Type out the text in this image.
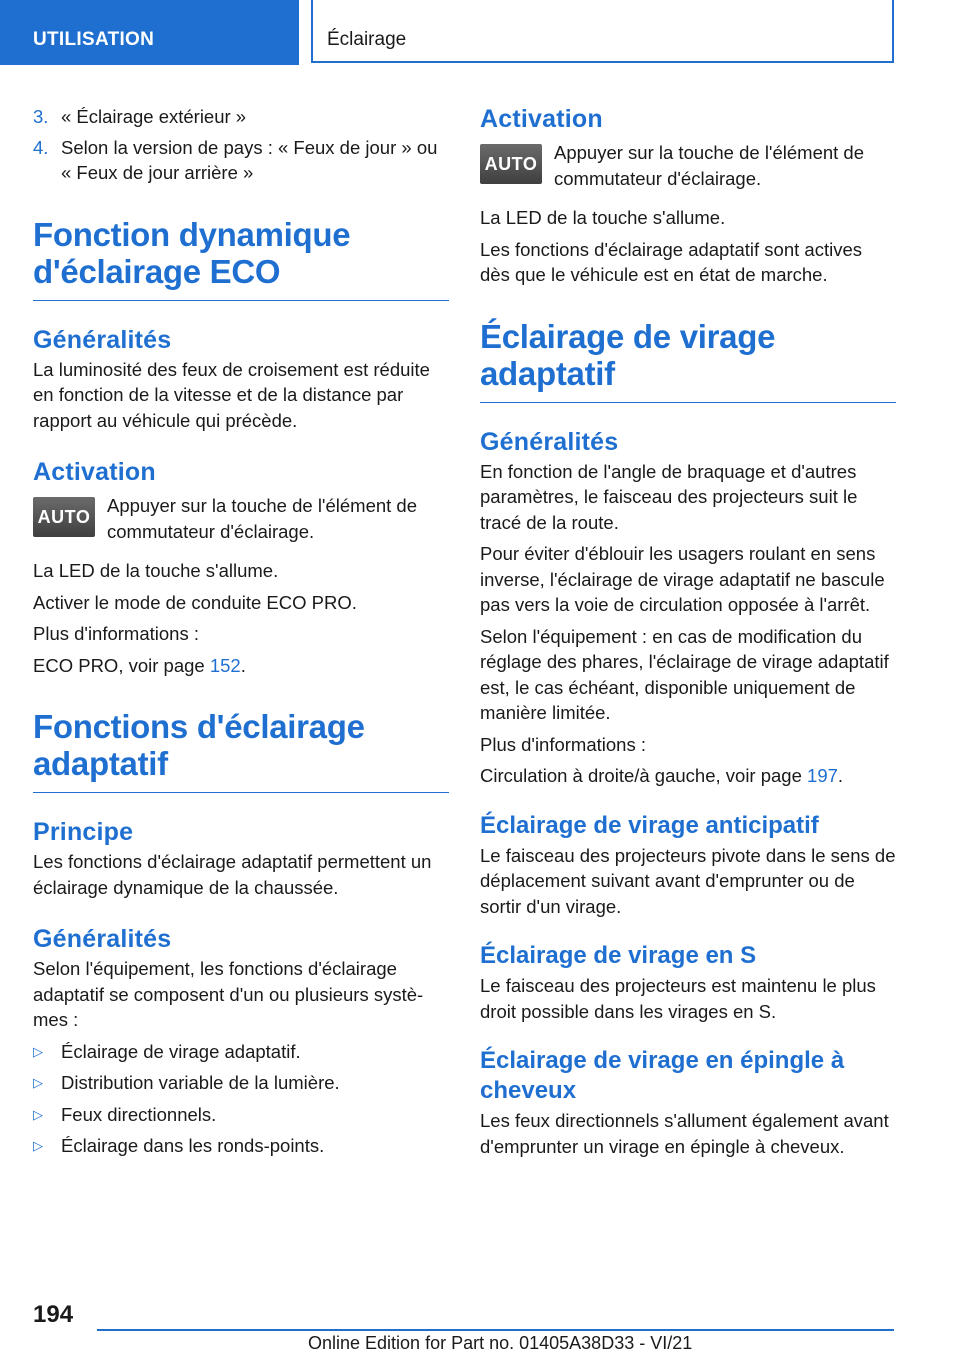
UTILISATION	Éclairage
3. « Éclairage extérieur »
4. Selon la version de pays : « Feux de jour » ou « Feux de jour arrière »
Fonction dynamique d'éclairage ECO
Généralités

La luminosité des feux de croisement est réduite en fonction de la vitesse et de la distance par rapport au véhicule qui précède.

Activation
AUTO

Appuyer sur la touche de l'élément de commutateur d'éclairage.

La LED de la touche s'allume.

Activer le mode de conduite ECO PRO.

Plus d'informations :

ECO PRO, voir page 152.

Fonctions d'éclairage adaptatif
Principe

Les fonctions d'éclairage adaptatif permettent un éclairage dynamique de la chaussée.

Généralités

Selon l'équipement, les fonctions d'éclairage adaptatif se composent d'un ou plusieurs systèmes :

▷ Éclairage de virage adaptatif.
▷ Distribution variable de la lumière.
▷ Feux directionnels.
▷ Éclairage dans les ronds-points.
Activation
AUTO

Appuyer sur la touche de l'élément de commutateur d'éclairage.

La LED de la touche s'allume.

Les fonctions d'éclairage adaptatif sont actives dès que le véhicule est en état de marche.

Éclairage de virage adaptatif
Généralités

En fonction de l'angle de braquage et d'autres paramètres, le faisceau des projecteurs suit le tracé de la route.

Pour éviter d'éblouir les usagers roulant en sens inverse, l'éclairage de virage adaptatif ne bascule pas vers la voie de circulation opposée à l'arrêt.

Selon l'équipement : en cas de modification du réglage des phares, l'éclairage de virage adaptatif est, le cas échéant, disponible uniquement de manière limitée.

Plus d'informations :

Circulation à droite/à gauche, voir page 197.

Éclairage de virage anticipatif

Le faisceau des projecteurs pivote dans le sens de déplacement suivant avant d'emprunter ou de sortir d'un virage.

Éclairage de virage en S

Le faisceau des projecteurs est maintenu le plus droit possible dans les virages en S.

Éclairage de virage en épingle à cheveux

Les feux directionnels s'allument également avant d'emprunter un virage en épingle à cheveux.

194
Online Edition for Part no. 01405A38D33 - VI/21
